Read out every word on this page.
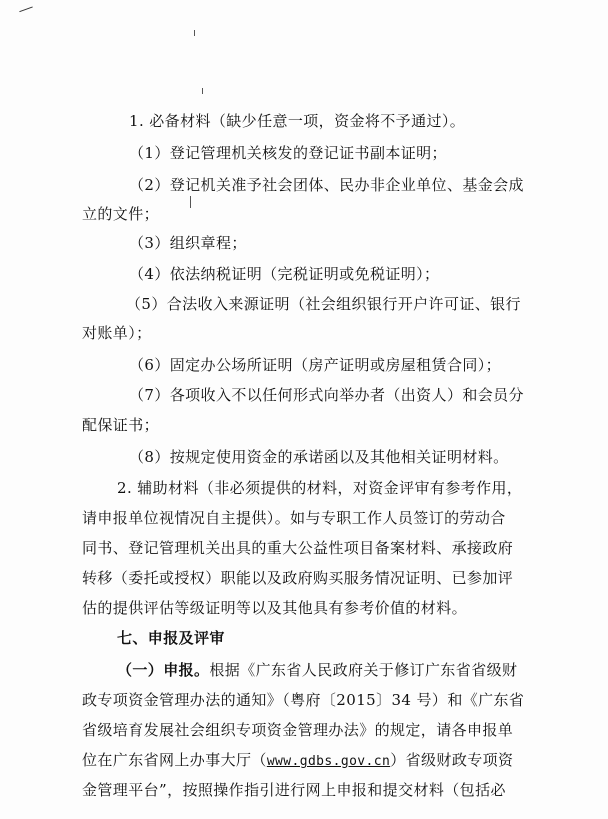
1. 必备材料（缺少任意一项，资金将不予通过）。
（1）登记管理机关核发的登记证书副本证明；
（2）登记机关准予社会团体、民办非企业单位、基金会成
立的文件；
（3）组织章程；
（4）依法纳税证明（完税证明或免税证明）；
（5）合法收入来源证明（社会组织银行开户许可证、银行
对账单）；
（6）固定办公场所证明（房产证明或房屋租赁合同）；
（7）各项收入不以任何形式向举办者（出资人）和会员分
配保证书；
（8）按规定使用资金的承诺函以及其他相关证明材料。
2. 辅助材料（非必须提供的材料，对资金评审有参考作用，
请申报单位视情况自主提供）。如与专职工作人员签订的劳动合
同书、登记管理机关出具的重大公益性项目备案材料、承接政府
转移（委托或授权）职能以及政府购买服务情况证明、已参加评
估的提供评估等级证明等以及其他具有参考价值的材料。
七、申报及评审
（一）申报。根据《广东省人民政府关于修订广东省省级财
政专项资金管理办法的通知》（粤府〔2015〕34 号）和《广东省
省级培育发展社会组织专项资金管理办法》的规定，请各申报单
位在广东省网上办事大厅（www.gdbs.gov.cn）省级财政专项资
金管理平台”，按照操作指引进行网上申报和提交材料（包括必
